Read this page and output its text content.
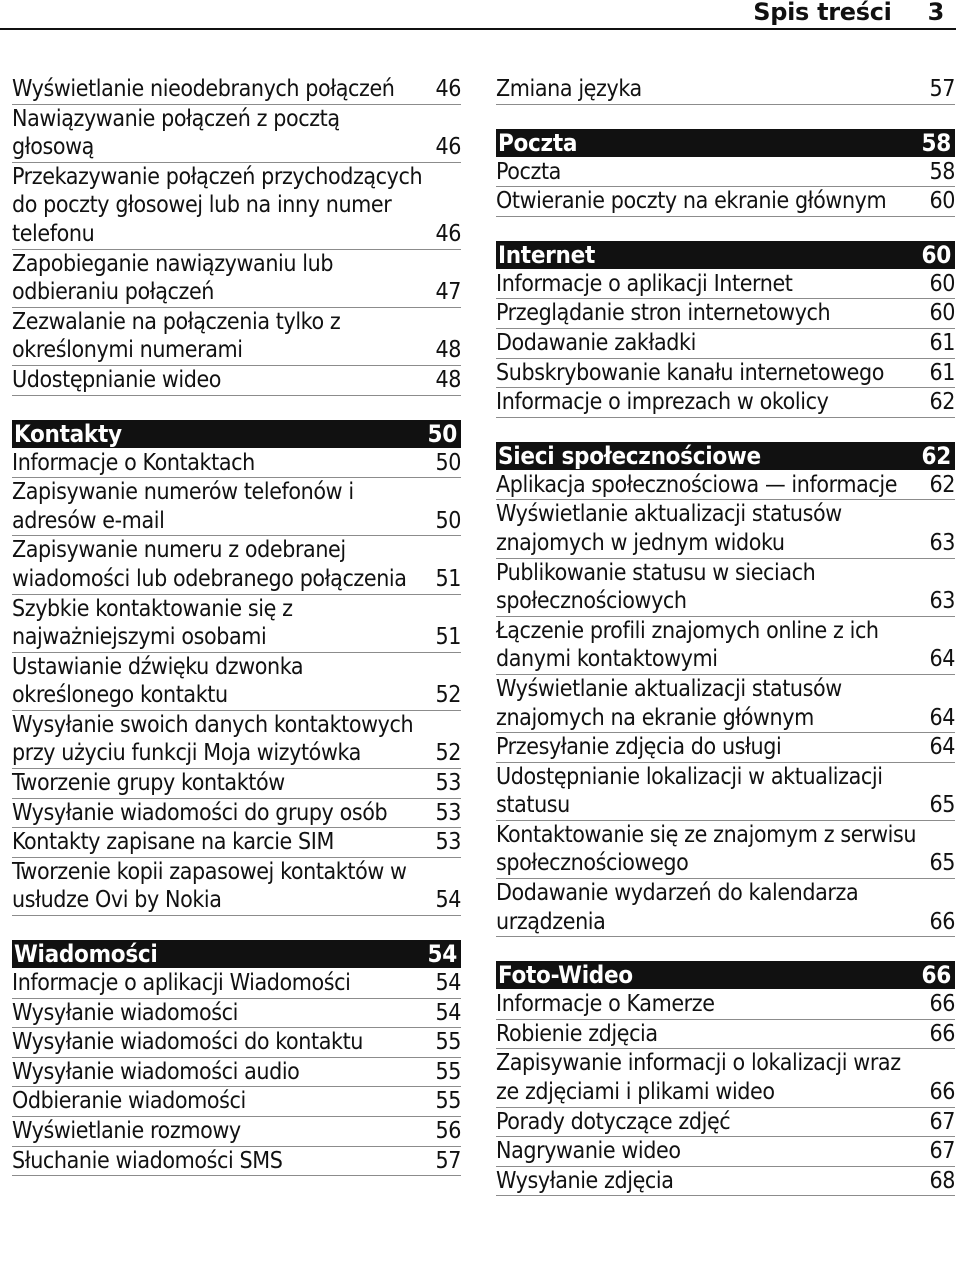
Spis treści 3
Wyświetlanie nieodebranych połączeń	46
Nawiązywanie połączeń z pocztą głosową	46
Przekazywanie połączeń przychodzących do poczty głosowej lub na inny numer telefonu	46
Zapobieganie nawiązywaniu lub odbieraniu połączeń	47
Zezwalanie na połączenia tylko z określonymi numerami	48
Udostępnianie wideo	48
Kontakty	50
Informacje o Kontaktach	50
Zapisywanie numerów telefonów i adresów e-mail	50
Zapisywanie numeru z odebranej wiadomości lub odebranego połączenia	51
Szybkie kontaktowanie się z najważniejszymi osobami	51
Ustawianie dźwięku dzwonka określonego kontaktu	52
Wysyłanie swoich danych kontaktowych przy użyciu funkcji Moja wizytówka	52
Tworzenie grupy kontaktów	53
Wysyłanie wiadomości do grupy osób	53
Kontakty zapisane na karcie SIM	53
Tworzenie kopii zapasowej kontaktów w usłudze Ovi by Nokia	54
Wiadomości	54
Informacje o aplikacji Wiadomości	54
Wysyłanie wiadomości	54
Wysyłanie wiadomości do kontaktu	55
Wysyłanie wiadomości audio	55
Odbieranie wiadomości	55
Wyświetlanie rozmowy	56
Słuchanie wiadomości SMS	57
Zmiana języka	57
Poczta	58
Poczta	58
Otwieranie poczty na ekranie głównym	60
Internet	60
Informacje o aplikacji Internet	60
Przeglądanie stron internetowych	60
Dodawanie zakładki	61
Subskrybowanie kanału internetowego	61
Informacje o imprezach w okolicy	62
Sieci społecznościowe	62
Aplikacja społecznościowa — informacje	62
Wyświetlanie aktualizacji statusów znajomych w jednym widoku	63
Publikowanie statusu w sieciach społecznościowych	63
Łączenie profili znajomych online z ich danymi kontaktowymi	64
Wyświetlanie aktualizacji statusów znajomych na ekranie głównym	64
Przesyłanie zdjęcia do usługi	64
Udostępnianie lokalizacji w aktualizacji statusu	65
Kontaktowanie się ze znajomym z serwisu społecznościowego	65
Dodawanie wydarzeń do kalendarza urządzenia	66
Foto-Wideo	66
Informacje o Kamerze	66
Robienie zdjęcia	66
Zapisywanie informacji o lokalizacji wraz ze zdjęciami i plikami wideo	66
Porady dotyczące zdjęć	67
Nagrywanie wideo	67
Wysyłanie zdjęcia	68
